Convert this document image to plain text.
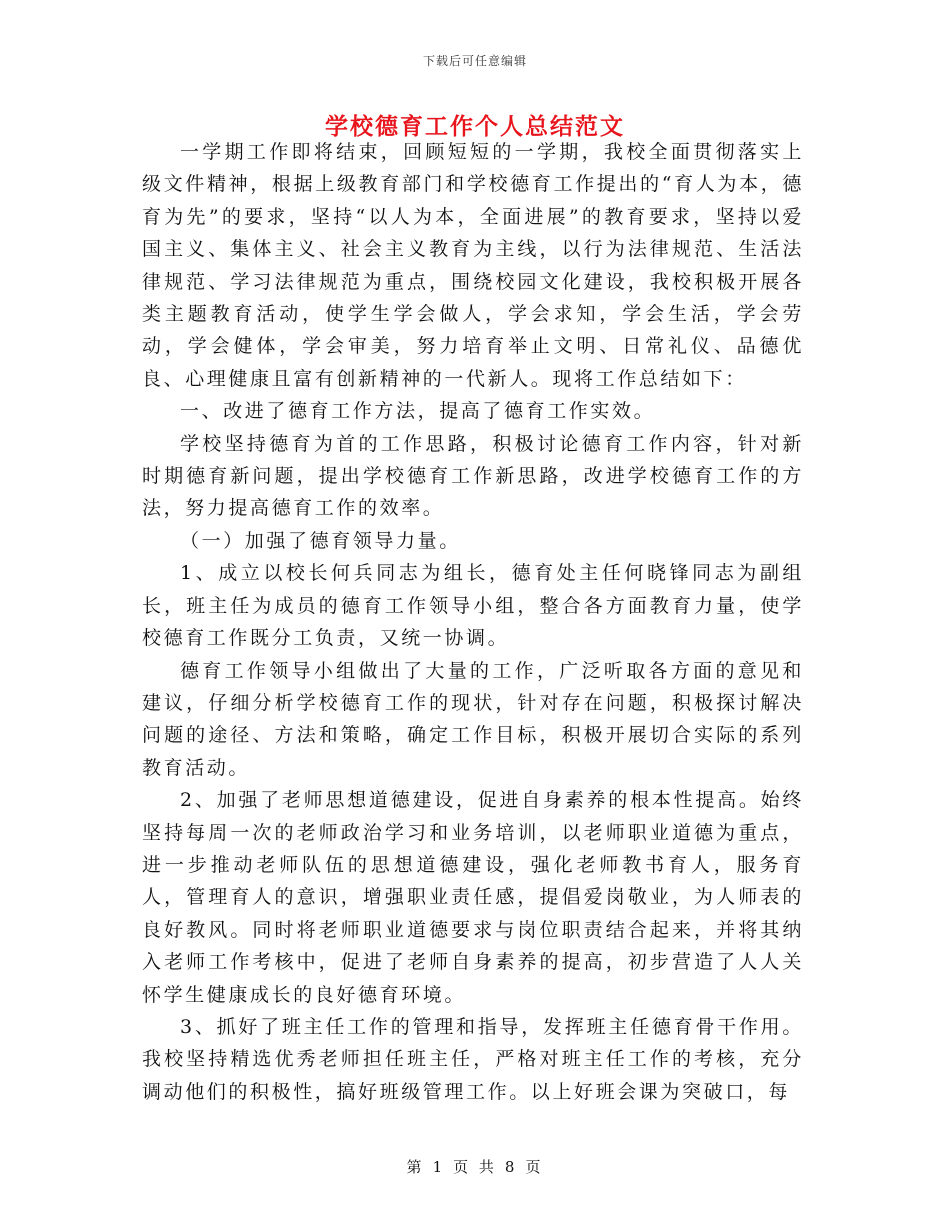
下载后可任意编辑
学校德育工作个人总结范文

一学期工作即将结束，回顾短短的一学期，我校全面贯彻落实上级文件精神，根据上级教育部门和学校德育工作提出的“育人为本，德育为先”的要求，坚持“以人为本，全面进展”的教育要求，坚持以爱国主义、集体主义、社会主义教育为主线，以行为法律规范、生活法律规范、学习法律规范为重点，围绕校园文化建设，我校积极开展各类主题教育活动，使学生学会做人，学会求知，学会生活，学会劳动，学会健体，学会审美，努力培育举止文明、日常礼仪、品德优良、心理健康且富有创新精神的一代新人。现将工作总结如下：

一、改进了德育工作方法，提高了德育工作实效。

学校坚持德育为首的工作思路，积极讨论德育工作内容，针对新时期德育新问题，提出学校德育工作新思路，改进学校德育工作的方法，努力提高德育工作的效率。

（一）加强了德育领导力量。

1、成立以校长何兵同志为组长，德育处主任何晓锋同志为副组长，班主任为成员的德育工作领导小组，整合各方面教育力量，使学校德育工作既分工负责，又统一协调。

德育工作领导小组做出了大量的工作，广泛听取各方面的意见和建议，仔细分析学校德育工作的现状，针对存在问题，积极探讨解决问题的途径、方法和策略，确定工作目标，积极开展切合实际的系列教育活动。

2、加强了老师思想道德建设，促进自身素养的根本性提高。始终坚持每周一次的老师政治学习和业务培训，以老师职业道德为重点，进一步推动老师队伍的思想道德建设，强化老师教书育人，服务育人，管理育人的意识，增强职业责任感，提倡爱岗敬业，为人师表的良好教风。同时将老师职业道德要求与岗位职责结合起来，并将其纳入老师工作考核中，促进了老师自身素养的提高，初步营造了人人关怀学生健康成长的良好德育环境。

3、抓好了班主任工作的管理和指导，发挥班主任德育骨干作用。我校坚持精选优秀老师担任班主任，严格对班主任工作的考核，充分调动他们的积极性，搞好班级管理工作。以上好班会课为突破口，每

第 1 页 共 8 页
